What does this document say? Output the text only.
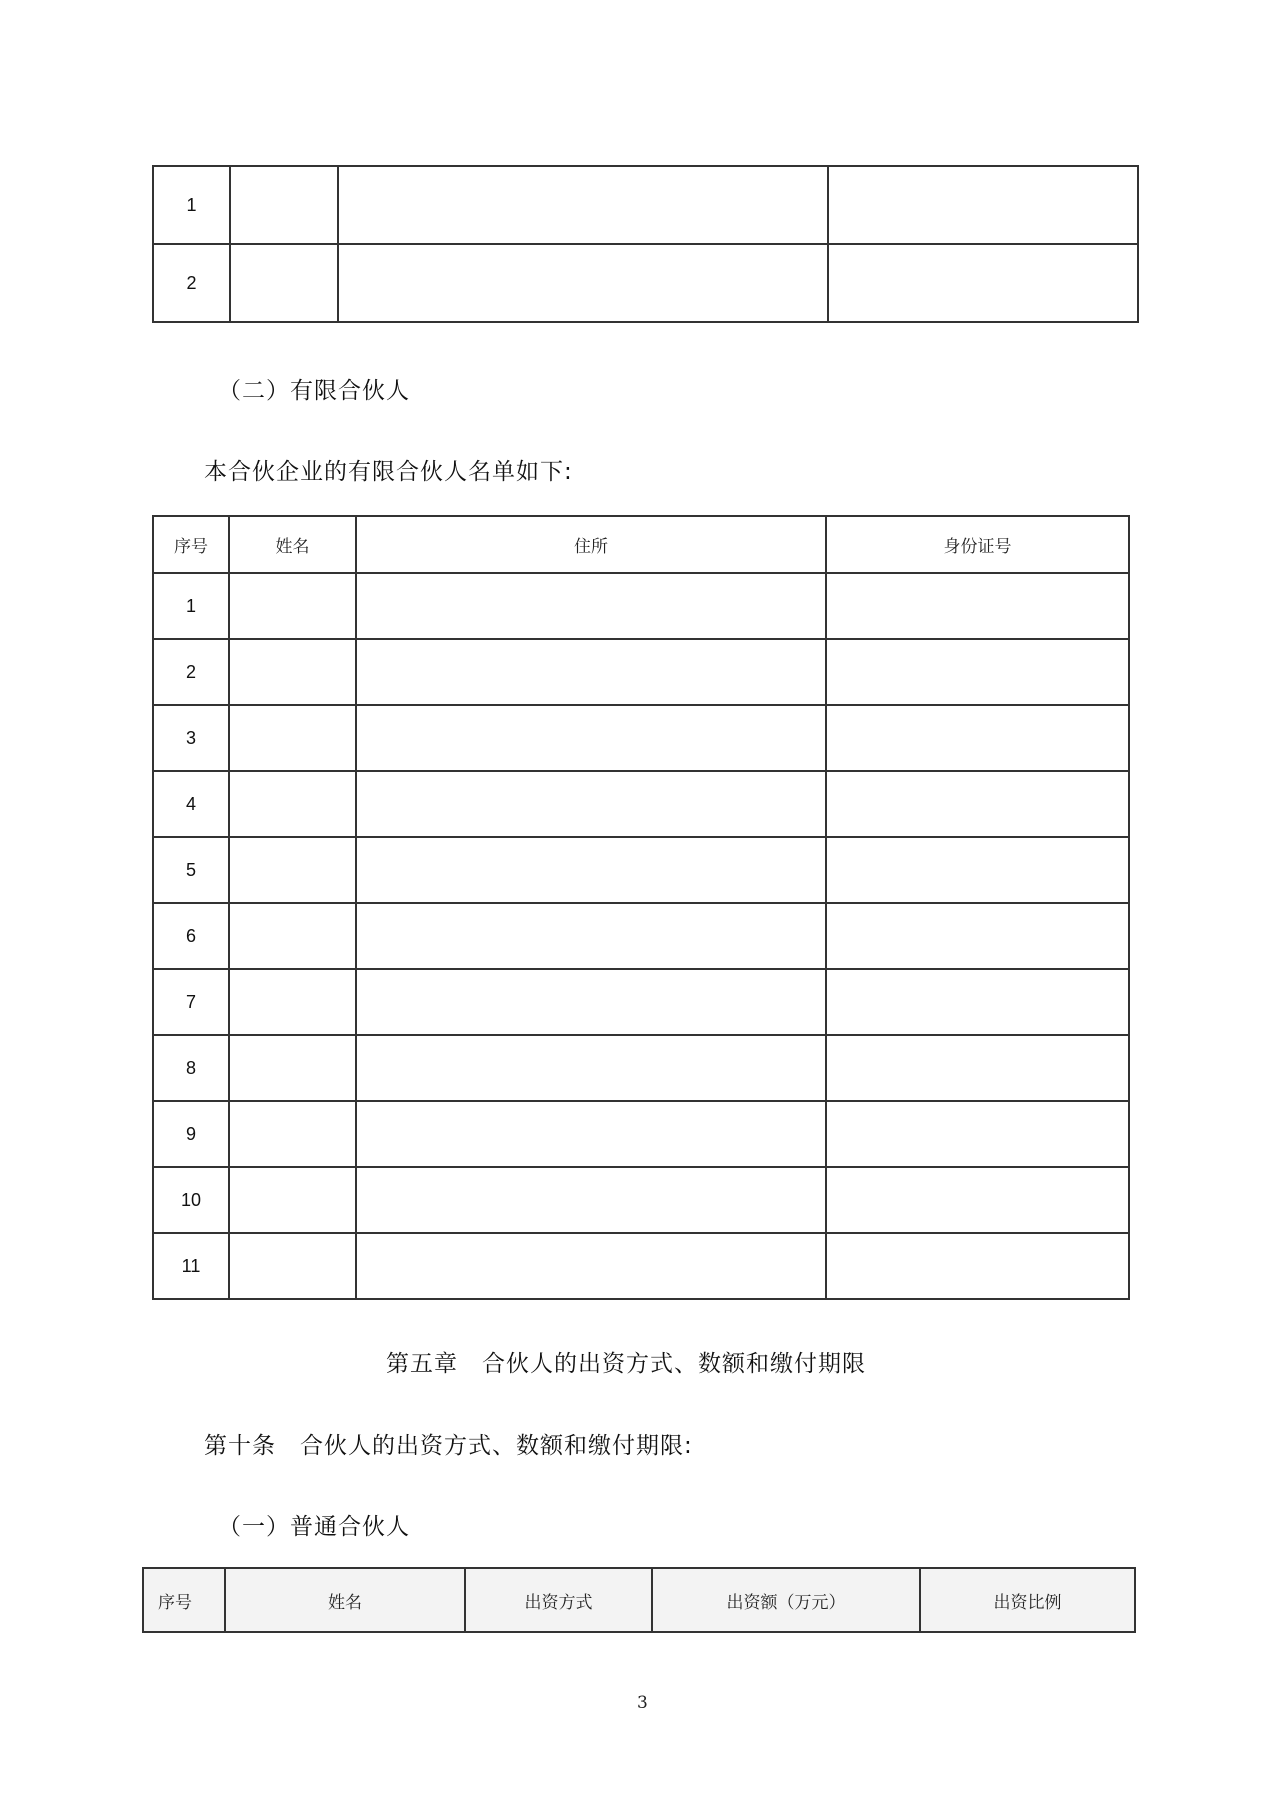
1			
2			
（二）有限合伙人
本合伙企业的有限合伙人名单如下:
序号	姓名	住所	身份证号
1			
2			
3			
4			
5			
6			
7			
8			
9			
10			
11			
第五章　合伙人的出资方式、数额和缴付期限
第十条　合伙人的出资方式、数额和缴付期限:
（一）普通合伙人
序号	姓名	出资方式	出资额（万元）	出资比例
3
